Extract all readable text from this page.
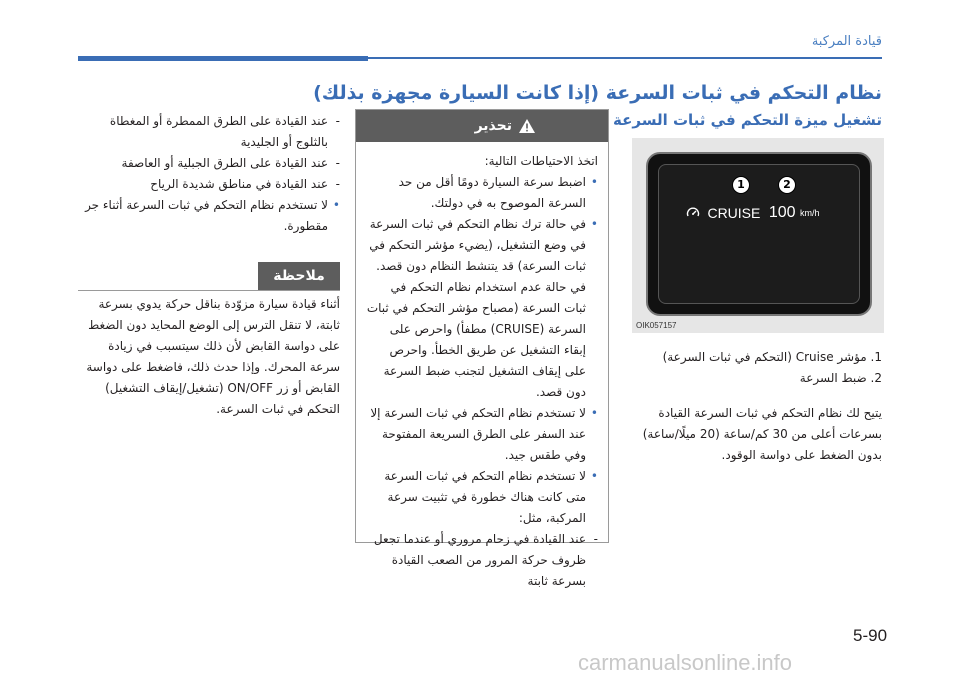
قيادة المركبة
نظام التحكم في ثبات السرعة (إذا كانت السيارة مجهزة بذلك)
تشغيل ميزة التحكم في ثبات السرعة
1	2
CRUISE 100 km/h
OIK057157
1. مؤشر Cruise (التحكم في ثبات السرعة)
2. ضبط السرعة
يتيح لك نظام التحكم في ثبات السرعة القيادة بسرعات أعلى من 30 كم/ساعة (20 ميلًا/ساعة) بدون الضغط على دواسة الوقود.
تحذير
اتخذ الاحتياطات التالية:
• اضبط سرعة السيارة دومًا أقل من حد السرعة الموصوح به في دولتك.
• في حالة ترك نظام التحكم في ثبات السرعة في وضع التشغيل، (يضيء مؤشر التحكم في ثبات السرعة) قد يتنشط النظام دون قصد. في حالة عدم استخدام نظام التحكم في ثبات السرعة (مصباح مؤشر التحكم في ثبات السرعة (CRUISE) مطفأ) واحرص على إبقاء التشغيل عن طريق الخطأ. واحرص على إيقاف التشغيل لتجنب ضبط السرعة دون قصد.
• لا تستخدم نظام التحكم في ثبات السرعة إلا عند السفر على الطرق السريعة المفتوحة وفي طقس جيد.
• لا تستخدم نظام التحكم في ثبات السرعة متى كانت هناك خطورة في تثبيت سرعة المركبة، مثل:
- عند القيادة في زحام مروري أو عندما تجعل ظروف حركة المرور من الصعب القيادة بسرعة ثابتة
- عند القيادة على الطرق الممطرة أو المغطاة بالثلوج أو الجليدية
- عند القيادة على الطرق الجبلية أو العاصفة
- عند القيادة في مناطق شديدة الرياح
• لا تستخدم نظام التحكم في ثبات السرعة أثناء جر مقطورة.
ملاحظة
أثناء قيادة سيارة مزوّدة بناقل حركة يدوي بسرعة ثابتة، لا تنقل الترس إلى الوضع المحايد دون الضغط على دواسة القابض لأن ذلك سيتسبب في زيادة سرعة المحرك. وإذا حدث ذلك، فاضغط على دواسة القابض أو زر ON/OFF (تشغيل/إيقاف التشغيل) التحكم في ثبات السرعة.
5-90
carmanualsonline.info
